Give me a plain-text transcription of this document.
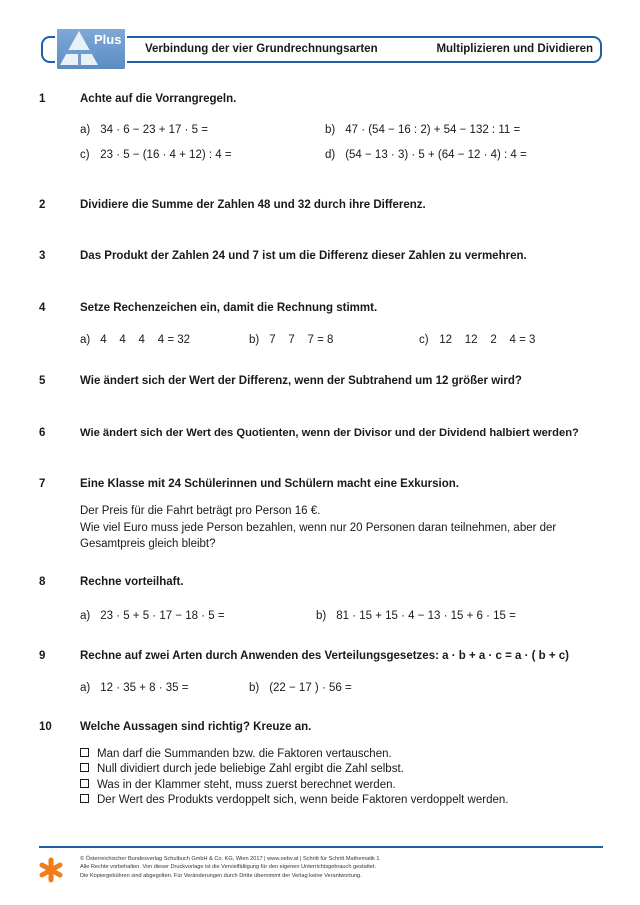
Plus
Verbindung der vier Grundrechnungsarten	Multiplizieren und Dividieren
1	Achte auf die Vorrangregeln.
a) 34 · 6 − 23 + 17 · 5 =	b) 47 · (54 − 16 : 2) + 54 − 132 : 11 =
c) 23 · 5 − (16 · 4 + 12) : 4 =	d) (54 − 13 · 3) · 5 + (64 − 12 · 4) : 4 =
2	Dividiere die Summe der Zahlen 48 und 32 durch ihre Differenz.
3	Das Produkt der Zahlen 24 und 7 ist um die Differenz dieser Zahlen zu vermehren.
4	Setze Rechenzeichen ein, damit die Rechnung stimmt.
a) 4    4    4    4 = 32	b) 7    7    7 = 8	c) 12    12    2    4 = 3
5	Wie ändert sich der Wert der Differenz, wenn der Subtrahend um 12 größer wird?
6	Wie ändert sich der Wert des Quotienten, wenn der Divisor und der Dividend halbiert werden?
7	Eine Klasse mit 24 Schülerinnen und Schülern macht eine Exkursion.
Der Preis für die Fahrt beträgt pro Person 16 €.
Wie viel Euro muss jede Person bezahlen, wenn nur 20 Personen daran teilnehmen, aber der
Gesamtpreis gleich bleibt?
8	Rechne vorteilhaft.
a) 23 · 5 + 5 · 17 − 18 · 5 =	b) 81 · 15 + 15 · 4 − 13 · 15 + 6 · 15 =
9	Rechne auf zwei Arten durch Anwenden des Verteilungsgesetzes: a · b + a · c = a · ( b + c)
a) 12 · 35 + 8 · 35 =	b) (22 − 17 ) · 56 =
10 Welche Aussagen sind richtig? Kreuze an.
Man darf die Summanden bzw. die Faktoren vertauschen.
Null dividiert durch jede beliebige Zahl ergibt die Zahl selbst.
Was in der Klammer steht, muss zuerst berechnet werden.
Der Wert des Produkts verdoppelt sich, wenn beide Faktoren verdoppelt werden.
© Österreichischer Bundesverlag Schulbuch GmbH & Co. KG, Wien 2017 | www.oebv.at | Schritt für Schritt Mathematik 1
Alle Rechte vorbehalten. Von dieser Druckvorlage ist die Vervielfältigung für den eigenen Unterrichtsgebrauch gestattet.
Die Kopiergebühren sind abgegolten. Für Veränderungen durch Dritte übernimmt der Verlag keine Verantwortung.
